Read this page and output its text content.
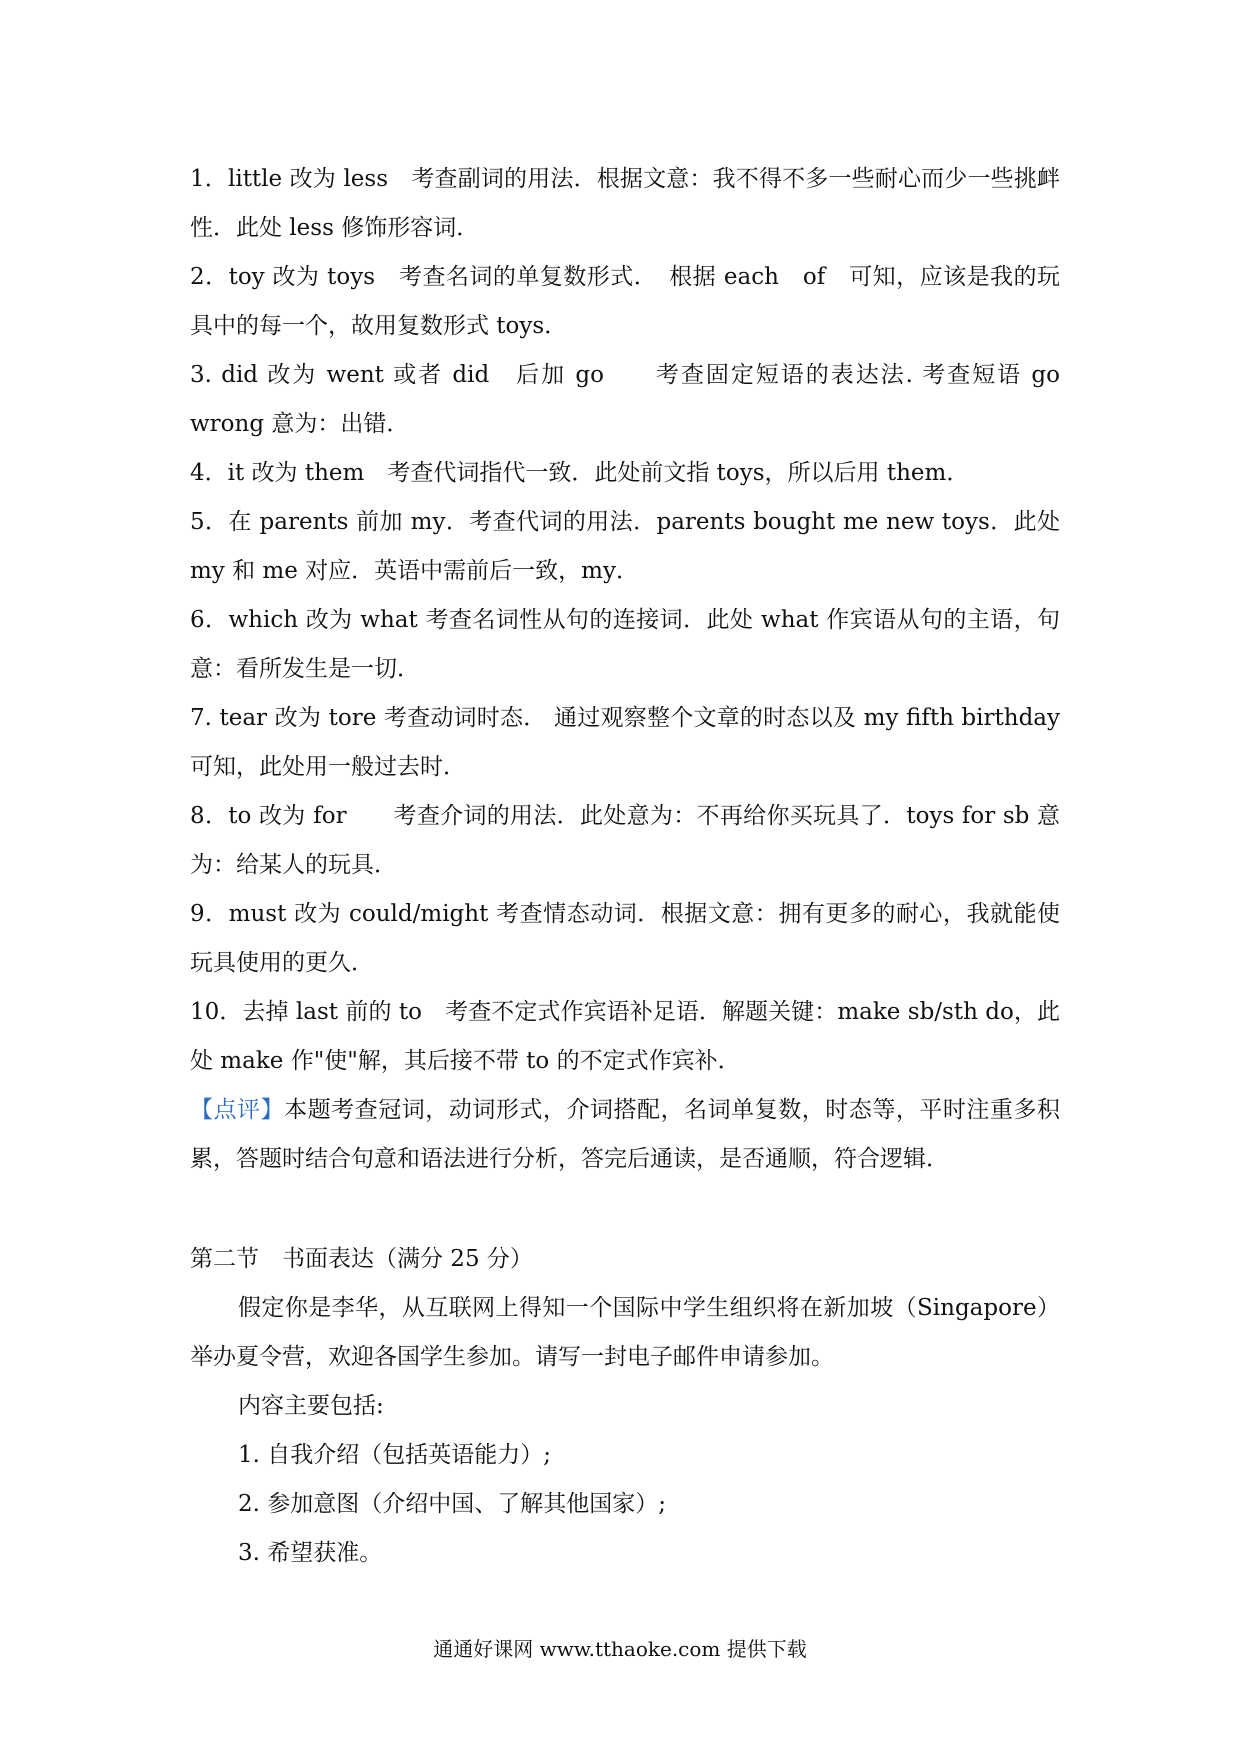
1．little 改为 less　考查副词的用法．根据文意：我不得不多一些耐心而少一些挑衅性．此处 less 修饰形容词．

2．toy 改为 toys　考查名词的单复数形式．　根据 each　of　可知，应该是我的玩具中的每一个，故用复数形式 toys．

3. did 改为 went 或者 did　后加 go　　考查固定短语的表达法. 考查短语 go wrong 意为：出错．

4．it 改为 them　考查代词指代一致．此处前文指 toys，所以后用 them．

5．在 parents 前加 my．考查代词的用法．parents bought me new toys．此处 my 和 me 对应．英语中需前后一致，my．

6．which 改为 what 考查名词性从句的连接词．此处 what 作宾语从句的主语，句意：看所发生是一切．

7. tear 改为 tore 考查动词时态． 通过观察整个文章的时态以及 my fifth birthday 可知，此处用一般过去时．

8．to 改为 for　　考查介词的用法．此处意为：不再给你买玩具了．toys for sb 意为：给某人的玩具．

9．must 改为 could/might 考查情态动词．根据文意：拥有更多的耐心，我就能使玩具使用的更久．

10．去掉 last 前的 to　考查不定式作宾语补足语．解题关键：make sb/sth do，此处 make 作"使"解，其后接不带 to 的不定式作宾补．

【点评】本题考查冠词，动词形式，介词搭配，名词单复数，时态等，平时注重多积累，答题时结合句意和语法进行分析，答完后通读，是否通顺，符合逻辑．

第二节　书面表达（满分 25 分）

假定你是李华，从互联网上得知一个国际中学生组织将在新加坡（Singapore）举办夏令营，欢迎各国学生参加。请写一封电子邮件申请参加。

内容主要包括:

1. 自我介绍（包括英语能力）;

2. 参加意图（介绍中国、了解其他国家）;

3. 希望获准。

通通好课网 www.tthaoke.com 提供下载
